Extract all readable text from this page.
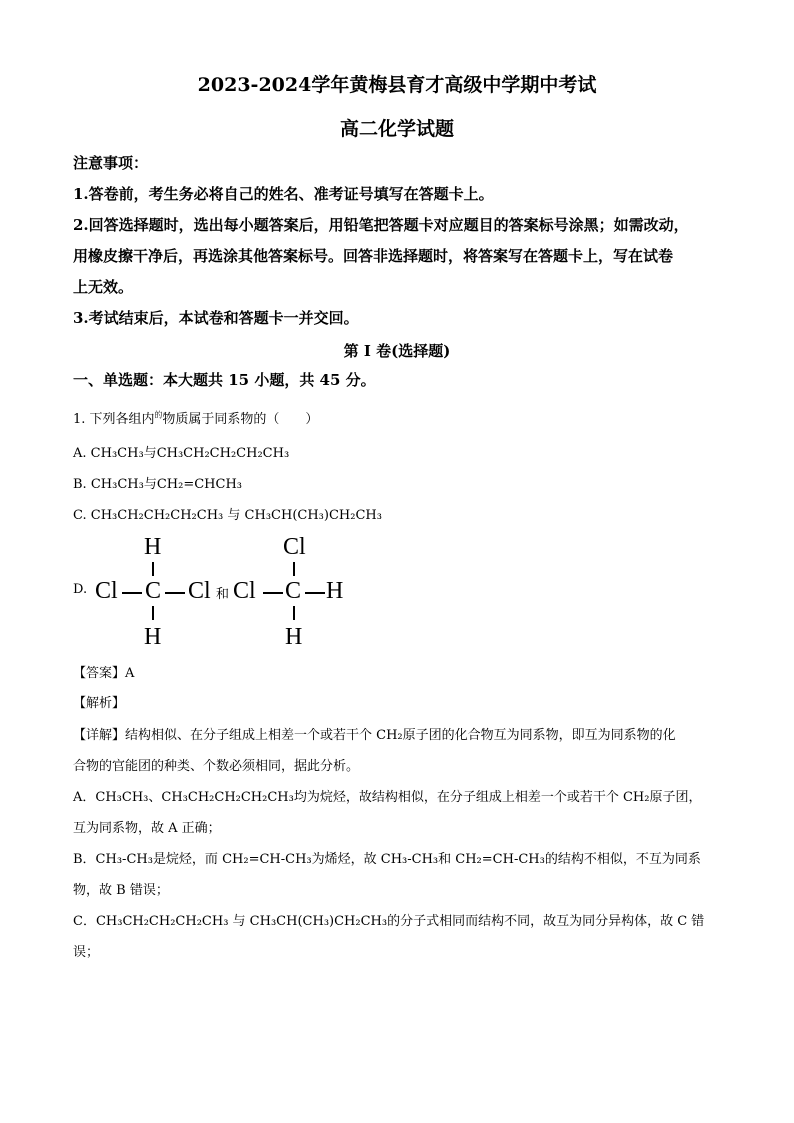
2023-2024学年黄梅县育才高级中学期中考试
高二化学试题
注意事项：
1.答卷前，考生务必将自己的姓名、准考证号填写在答题卡上。
2.回答选择题时，选出每小题答案后，用铅笔把答题卡对应题目的答案标号涂黑；如需改动，
用橡皮擦干净后，再选涂其他答案标号。回答非选择题时，将答案写在答题卡上，写在试卷
上无效。
3.考试结束后，本试卷和答题卡一并交回。
第 I 卷(选择题)
一、单选题：本大题共 15 小题，共 45 分。
1. 下列各组内$^的$物质属于同系物的（　　）
A. CH₃CH₃与CH₃CH₂CH₂CH₂CH₃
B. CH₃CH₃与CH₂=CHCH₃
C. CH₃CH₂CH₂CH₂CH₃ 与 CH₃CH(CH₃)CH₂CH₃
D.
H
Cl C Cl
H
和
Cl
Cl C H
H
【答案】A
【解析】
【详解】结构相似、在分子组成上相差一个或若干个 CH₂原子团的化合物互为同系物，即互为同系物的化
合物的官能团的种类、个数必须相同，据此分析。
A．CH₃CH₃、CH₃CH₂CH₂CH₂CH₃均为烷烃，故结构相似，在分子组成上相差一个或若干个 CH₂原子团，
互为同系物，故 A 正确；
B．CH₃-CH₃是烷烃，而 CH₂=CH-CH₃为烯烃，故 CH₃-CH₃和 CH₂=CH-CH₃的结构不相似，不互为同系
物，故 B 错误；
C．CH₃CH₂CH₂CH₂CH₃ 与 CH₃CH(CH₃)CH₂CH₃的分子式相同而结构不同，故互为同分异构体，故 C 错
误；
